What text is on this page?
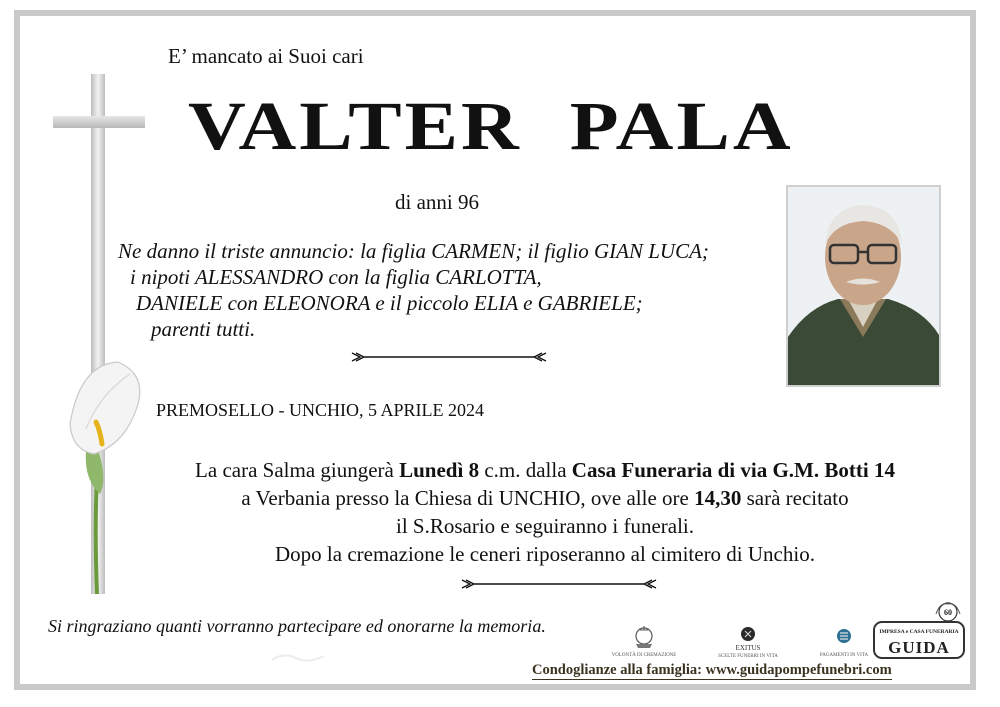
E’ mancato ai Suoi cari
VALTER PALA
di anni 96
Ne danno il triste annuncio: la figlia CARMEN; il figlio GIAN LUCA;
i nipoti ALESSANDRO con la figlia CARLOTTA,
DANIELE con ELEONORA e il piccolo ELIA e GABRIELE;
parenti tutti.
PREMOSELLO - UNCHIO, 5 APRILE 2024
La cara Salma giungerà Lunedì 8 c.m. dalla Casa Funeraria di via G.M. Botti 14
a Verbania presso la Chiesa di UNCHIO, ove alle ore 14,30 sarà recitato
il S.Rosario e seguiranno i funerali.
Dopo la cremazione le ceneri riposeranno al cimitero di Unchio.
Si ringraziano quanti vorranno partecipare ed onorarne la memoria.
VOLONTÀ DI CREMAZIONE
EXITUS
SCELTE FUNEBRI IN VITA	PAGAMENTI IN VITA
60
IMPRESA e CASA FUNERARIA
GUIDA
Condoglianze alla famiglia: www.guidapompefunebri.com
